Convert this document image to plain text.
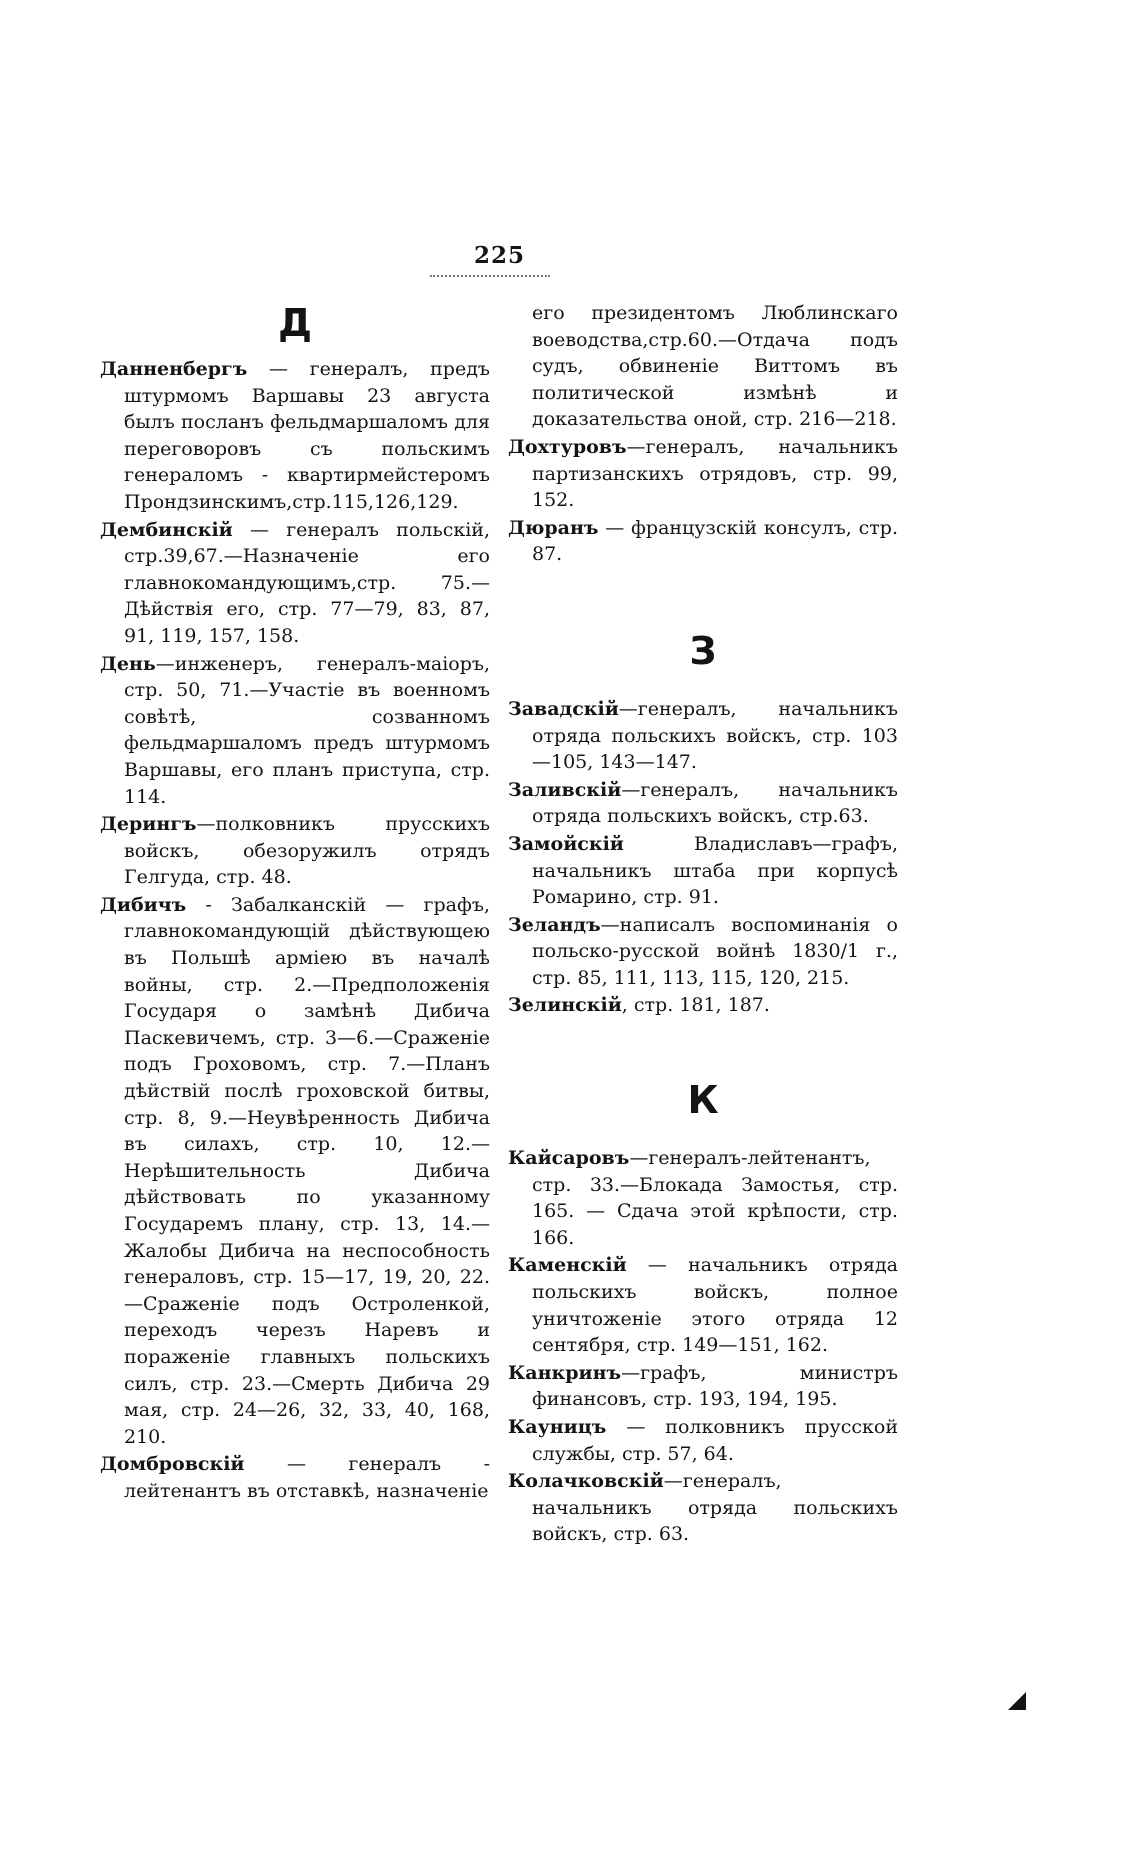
225
Д

Данненбергъ — генералъ, предъ штурмомъ Варшавы 23 августа былъ посланъ фельдмаршаломъ для переговоровъ съ польскимъ генераломъ - квартирмейстеромъ Прондзинскимъ,стр.115,126,129.

Дембинскій — генералъ польскій, стр.39,67.—Назначеніе его главнокомандующимъ,стр. 75.—Дѣйствія его, стр. 77—79, 83, 87, 91, 119, 157, 158.

День—инженеръ, генералъ-маіоръ, стр. 50, 71.—Участіе въ военномъ совѣтѣ, созванномъ фельдмаршаломъ предъ штурмомъ Варшавы, его планъ приступа, стр. 114.

Дерингъ—полковникъ прусскихъ войскъ, обезоружилъ отрядъ Гелгуда, стр. 48.

Дибичъ - Забалканскій — графъ, главнокомандующій дѣйствующею въ Польшѣ арміею въ началѣ войны, стр. 2.—Предположенія Государя о замѣнѣ Дибича Паскевичемъ, стр. 3—6.—Сраженіе подъ Гроховомъ, стр. 7.—Планъ дѣйствій послѣ гроховской битвы, стр. 8, 9.—Неувѣренность Дибича въ силахъ, стр. 10, 12.—Нерѣшительность Дибича дѣйствовать по указанному Государемъ плану, стр. 13, 14.—Жалобы Дибича на неспособность генераловъ, стр. 15—17, 19, 20, 22.—Сраженіе подъ Остроленкой, переходъ черезъ Наревъ и пораженіе главныхъ польскихъ силъ, стр. 23.—Смерть Дибича 29 мая, стр. 24—26, 32, 33, 40, 168, 210.

Домбровскій — генералъ - лейтенантъ въ отставкѣ, назначеніе

его президентомъ Люблинскаго воеводства,стр.60.—Отдача подъ судъ, обвиненіе Виттомъ въ политической измѣнѣ и доказательства оной, стр. 216—218.

Дохтуровъ—генералъ, начальникъ партизанскихъ отрядовъ, стр. 99, 152.

Дюранъ — французскій консулъ, стр. 87.

З

Завадскій—генералъ, начальникъ отряда польскихъ войскъ, стр. 103—105, 143—147.

Заливскій—генералъ, начальникъ отряда польскихъ войскъ, стр.63.

Замойскій Владиславъ—графъ, начальникъ штаба при корпусѣ Ромарино, стр. 91.

Зеландъ—написалъ воспоминанія о польско-русской войнѣ 1830/1 г., стр. 85, 111, 113, 115, 120, 215.

Зелинскій, стр. 181, 187.

К

Кайсаровъ—генералъ-лейтенантъ, стр. 33.—Блокада Замостья, стр. 165. — Сдача этой крѣпости, стр. 166.

Каменскій — начальникъ отряда польскихъ войскъ, полное уничтоженіе этого отряда 12 сентября, стр. 149—151, 162.

Канкринъ—графъ, министръ финансовъ, стр. 193, 194, 195.

Кауницъ — полковникъ прусской службы, стр. 57, 64.

Колачковскій—генералъ, начальникъ отряда польскихъ войскъ, стр. 63.
